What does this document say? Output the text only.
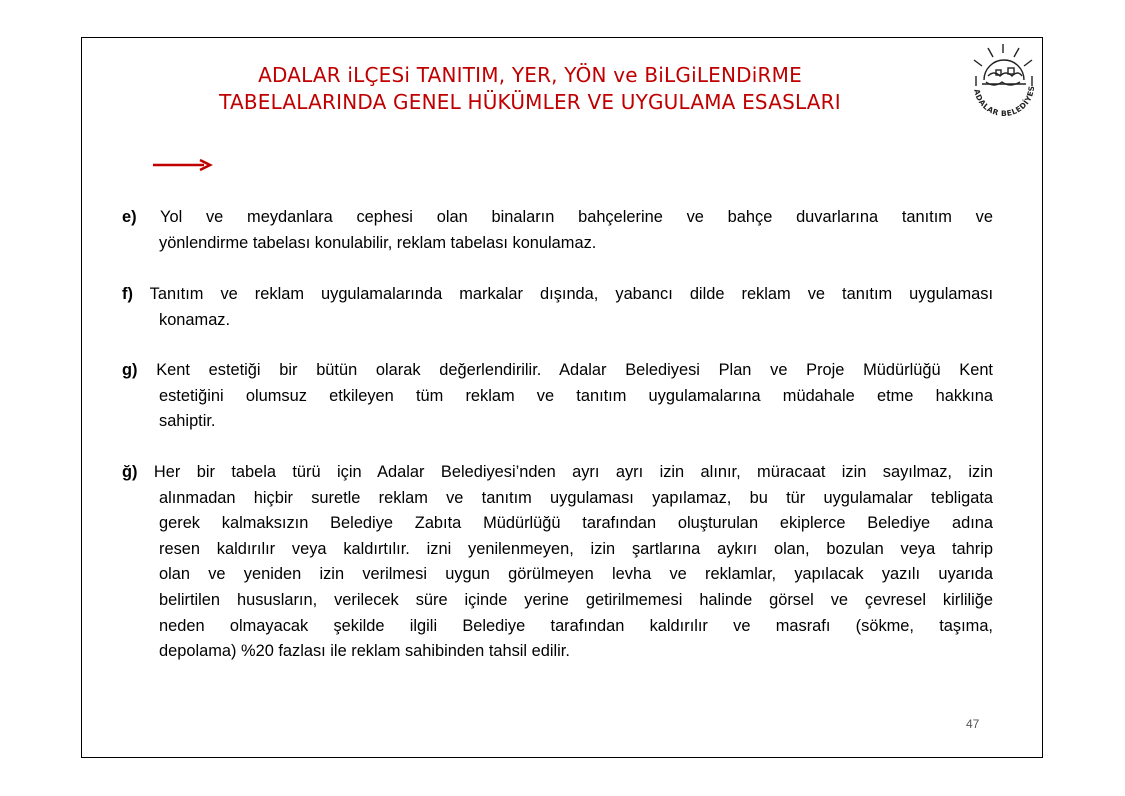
ADALAR iLÇESi TANITIM, YER, YÖN ve BiLGiLENDiRME
TABELALARINDA GENEL HÜKÜMLER VE UYGULAMA ESASLARI	ADALAR BELEDİYES
e) Yol ve meydanlara cephesi olan binaların bahçelerine ve bahçe duvarlarına tanıtım ve
yönlendirme tabelası konulabilir, reklam tabelası konulamaz.
f) Tanıtım ve reklam uygulamalarında markalar dışında, yabancı dilde reklam ve tanıtım uygulaması
konamaz.
g) Kent estetiği bir bütün olarak değerlendirilir. Adalar Belediyesi Plan ve Proje Müdürlüğü Kent
estetiğini olumsuz etkileyen tüm reklam ve tanıtım uygulamalarına müdahale etme hakkına
sahiptir.
ğ) Her bir tabela türü için Adalar Belediyesi’nden ayrı ayrı izin alınır, müracaat izin sayılmaz, izin
alınmadan hiçbir suretle reklam ve tanıtım uygulaması yapılamaz, bu tür uygulamalar tebligata
gerek kalmaksızın Belediye Zabıta Müdürlüğü tarafından oluşturulan ekiplerce Belediye adına
resen kaldırılır veya kaldırtılır. izni yenilenmeyen, izin şartlarına aykırı olan, bozulan veya tahrip
olan ve yeniden izin verilmesi uygun görülmeyen levha ve reklamlar, yapılacak yazılı uyarıda
belirtilen hususların, verilecek süre içinde yerine getirilmemesi halinde görsel ve çevresel kirliliğe
neden olmayacak şekilde ilgili Belediye tarafından kaldırılır ve masrafı (sökme, taşıma,
depolama) %20 fazlası ile reklam sahibinden tahsil edilir.
47
